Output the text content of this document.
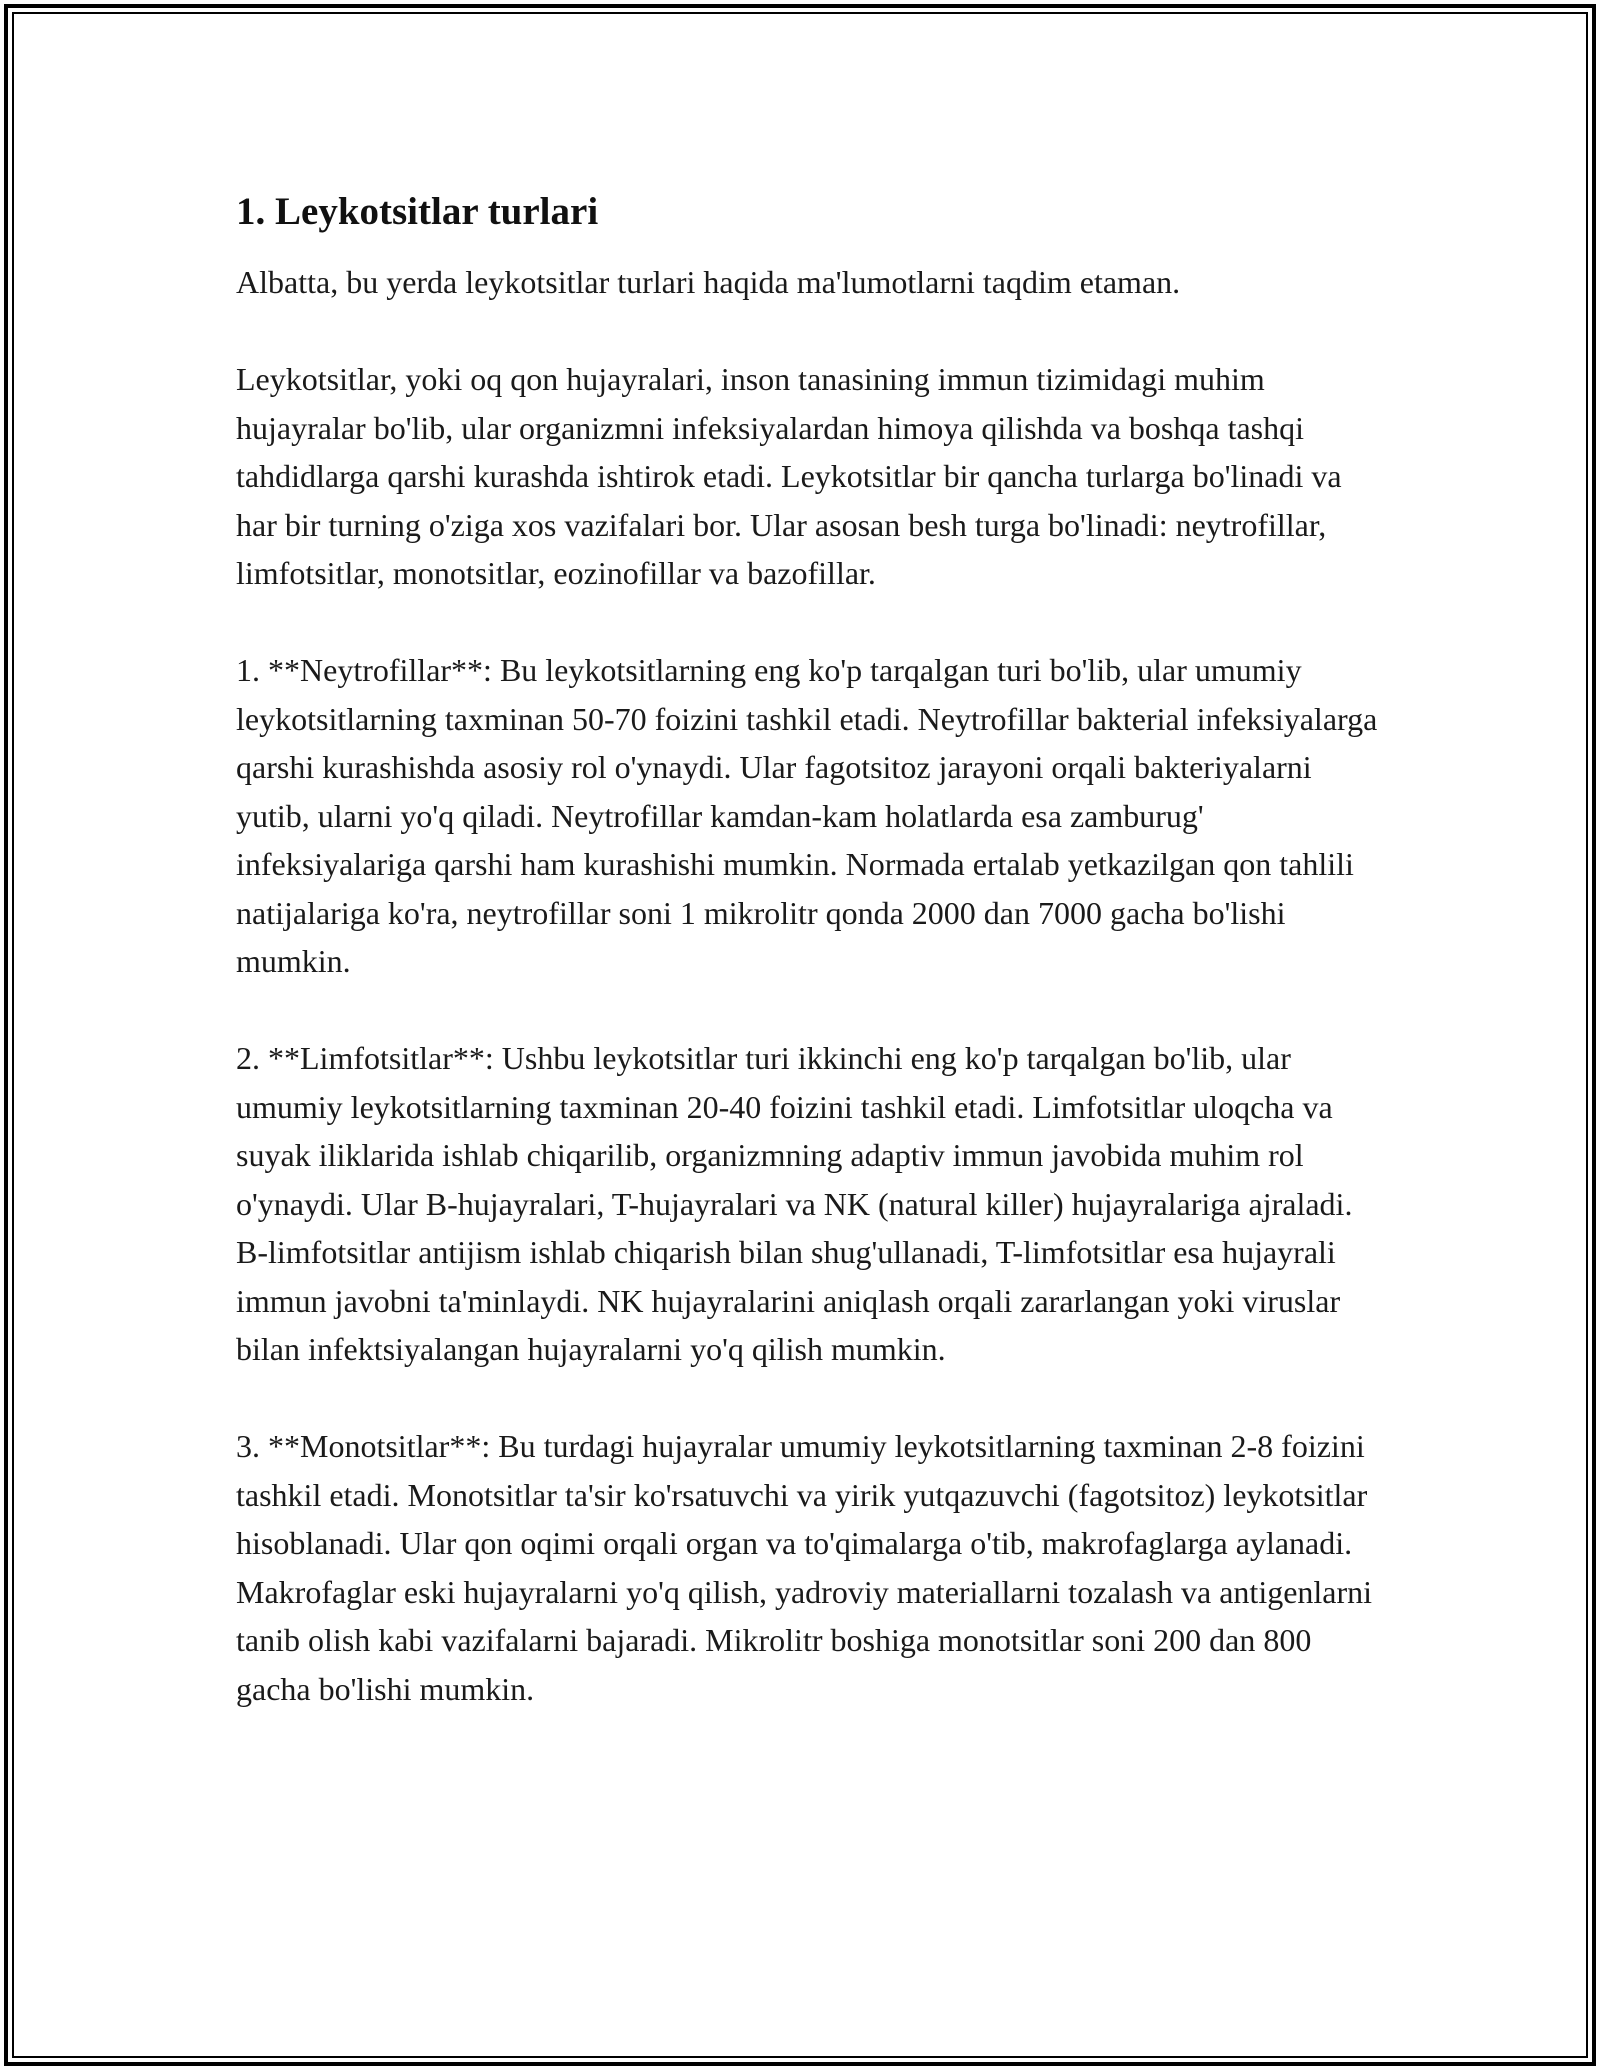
1. Leykotsitlar turlari

Albatta, bu yerda leykotsitlar turlari haqida ma'lumotlarni taqdim etaman.

Leykotsitlar, yoki oq qon hujayralari, inson tanasining immun tizimidagi muhim hujayralar bo'lib, ular organizmni infeksiyalardan himoya qilishda va boshqa tashqi tahdidlarga qarshi kurashda ishtirok etadi. Leykotsitlar bir qancha turlarga bo'linadi va har bir turning o'ziga xos vazifalari bor. Ular asosan besh turga bo'linadi: neytrofillar, limfotsitlar, monotsitlar, eozinofillar va bazofillar.

1. **Neytrofillar**: Bu leykotsitlarning eng ko'p tarqalgan turi bo'lib, ular umumiy leykotsitlarning taxminan 50-70 foizini tashkil etadi. Neytrofillar bakterial infeksiyalarga qarshi kurashishda asosiy rol o'ynaydi. Ular fagotsitoz jarayoni orqali bakteriyalarni yutib, ularni yo'q qiladi. Neytrofillar kamdan-kam holatlarda esa zamburug' infeksiyalariga qarshi ham kurashishi mumkin. Normada ertalab yetkazilgan qon tahlili natijalariga ko'ra, neytrofillar soni 1 mikrolitr qonda 2000 dan 7000 gacha bo'lishi mumkin.

2. **Limfotsitlar**: Ushbu leykotsitlar turi ikkinchi eng ko'p tarqalgan bo'lib, ular umumiy leykotsitlarning taxminan 20-40 foizini tashkil etadi. Limfotsitlar uloqcha va suyak iliklarida ishlab chiqarilib, organizmning adaptiv immun javobida muhim rol o'ynaydi. Ular B-hujayralari, T-hujayralari va NK (natural killer) hujayralariga ajraladi. B-limfotsitlar antijism ishlab chiqarish bilan shug'ullanadi, T-limfotsitlar esa hujayrali immun javobni ta'minlaydi. NK hujayralarini aniqlash orqali zararlangan yoki viruslar bilan infektsiyalangan hujayralarni yo'q qilish mumkin.

3. **Monotsitlar**: Bu turdagi hujayralar umumiy leykotsitlarning taxminan 2-8 foizini tashkil etadi. Monotsitlar ta'sir ko'rsatuvchi va yirik yutqazuvchi (fagotsitoz) leykotsitlar hisoblanadi. Ular qon oqimi orqali organ va to'qimalarga o'tib, makrofaglarga aylanadi. Makrofaglar eski hujayralarni yo'q qilish, yadroviy materiallarni tozalash va antigenlarni tanib olish kabi vazifalarni bajaradi. Mikrolitr boshiga monotsitlar soni 200 dan 800 gacha bo'lishi mumkin.
